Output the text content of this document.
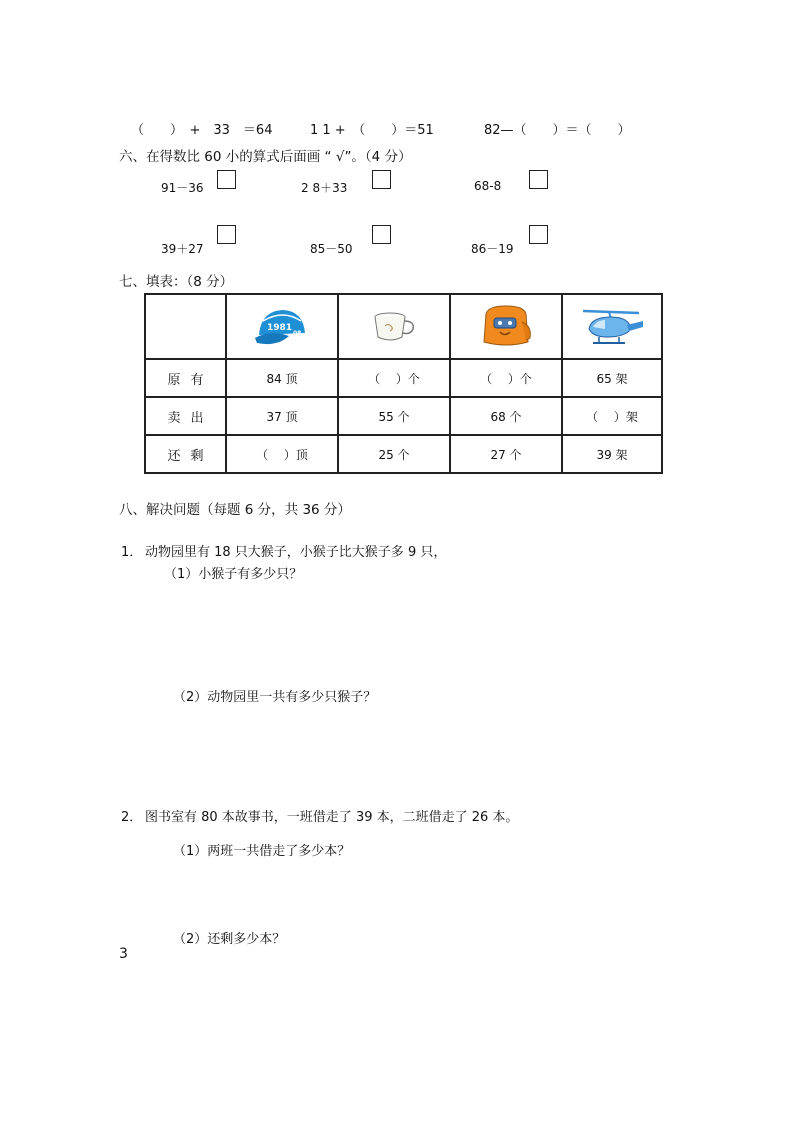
（　　）　+　33　＝64	1 1 +　（　　）＝51	82—（　　）＝（　　）
六、在得数比 60 小的算式后面画 “ √”。（4 分）
91－36	2 8＋33	68-8
39＋27	85－50	86－19
七、填表：（8 分）

1981
08

原有	84 顶	（　 ）个	（　 ）个	65 架
卖出	37 顶	55 个	68 个	（　 ）架
还剩	（　 ）顶	25 个	27 个	39 架
八、解决问题（每题 6 分，共 36 分）
1． 动物园里有 18 只大猴子，小猴子比大猴子多 9 只，
（1）小猴子有多少只？
（2）动物园里一共有多少只猴子？
2． 图书室有 80 本故事书，一班借走了 39 本，二班借走了 26 本。
（1）两班一共借走了多少本？
（2）还剩多少本？
3
